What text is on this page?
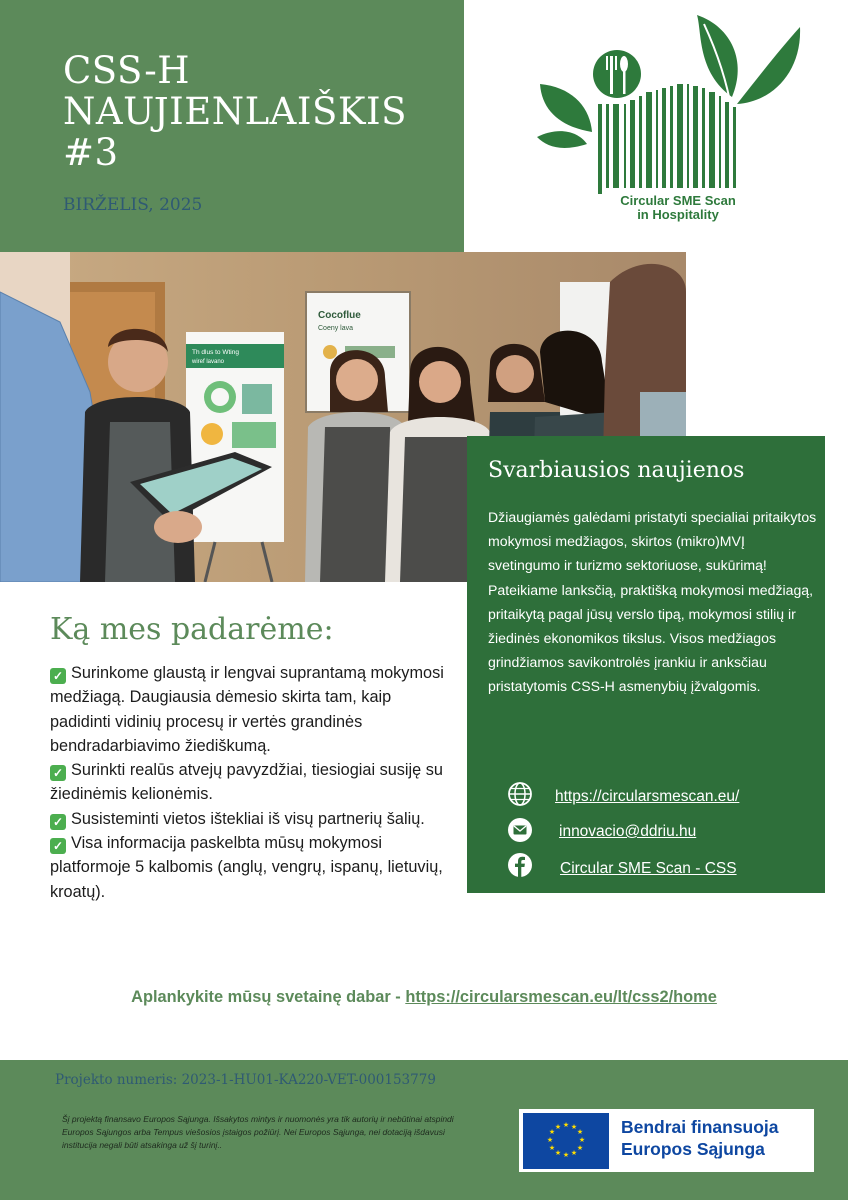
CSS-H
NAUJIENLAIŠKIS
#3
BIRŽELIS, 2025	Circular SME Scan
in Hospitality
Cocoflue
Coeny lava
Th dlus to Wting
wiref lavano
Svarbiausios naujienos

Džiaugiamės galėdami pristatyti specialiai pritaikytos mokymosi medžiagos, skirtos (mikro)MVĮ svetingumo ir turizmo sektoriuose, sukūrimą!

Pateikiame lanksčią, praktišką mokymosi medžiagą, pritaikytą pagal jūsų verslo tipą, mokymosi stilių ir žiedinės ekonomikos tikslus. Visos medžiagos grindžiamos savikontrolės įrankiu ir anksčiau pristatytomis CSS-H asmenybių įžvalgomis.

https://circularsmescan.eu/
innovacio@ddriu.hu
Circular SME Scan - CSS
Ką mes padarėme:
✓ Surinkome glaustą ir lengvai suprantamą mokymosi medžiagą. Daugiausia dėmesio skirta tam, kaip padidinti vidinių procesų ir vertės grandinės bendradarbiavimo žiediškumą.
✓ Surinkti realūs atvejų pavyzdžiai, tiesiogiai susiję su žiedinėmis kelionėmis.
✓ Susisteminti vietos ištekliai iš visų partnerių šalių.
✓ Visa informacija paskelbta mūsų mokymosi platformoje 5 kalbomis (anglų, vengrų, ispanų, lietuvių, kroatų).
Aplankykite mūsų svetainę dabar - https://circularsmescan.eu/lt/css2/home
Projekto numeris: 2023-1-HU01-KA220-VET-000153779
Šį projektą finansavo Europos Sąjunga. Išsakytos mintys ir nuomonės yra tik autorių ir nebūtinai atspindi Europos Sąjungos arba Tempus viešosios įstaigos požiūrį. Nei Europos Sąjunga, nei dotaciją išdavusi institucija negali būti atsakinga už šį turinį..
★ ★
★
★
★
★
★
★
★
★
★
★	Bendrai finansuoja
Europos Sąjunga
